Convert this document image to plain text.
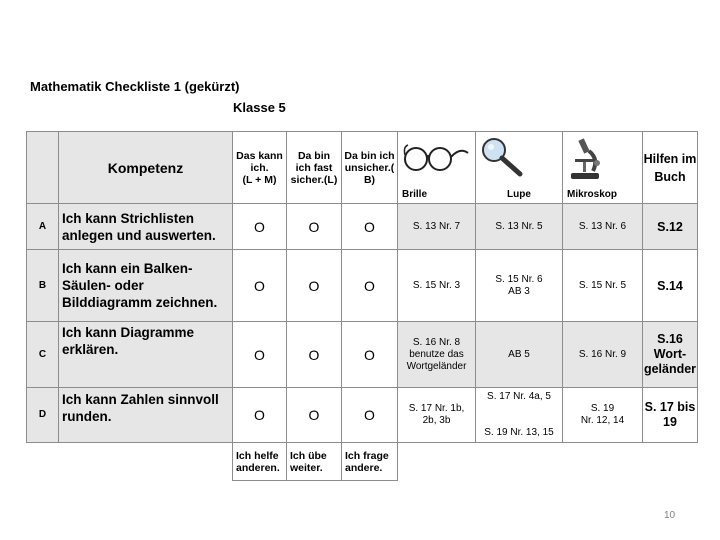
Mathematik Checkliste 1 (gekürzt)
Klasse 5
	Kompetenz	Das kann
ich.
(L + M)	Da bin
ich fast
sicher.(L)	Da bin ich
unsicher.(
B)	Brille	Lupe	Mikroskop	Hilfen im
Buch
A	Ich kann Strichlisten
anlegen und auswerten.	O	O	O	S. 13 Nr. 7	S. 13 Nr. 5	S. 13 Nr. 6	S.12
B	Ich kann ein Balken-
Säulen- oder
Bilddiagramm zeichnen.	O	O	O	S. 15 Nr. 3	S. 15 Nr. 6
AB 3	S. 15 Nr. 5	S.14
C	Ich kann Diagramme
erklären.	O	O	O	S. 16 Nr. 8
benutze das
Wortgeländer	AB 5	S. 16 Nr. 9	S.16
Wort-
geländer
D	Ich kann Zahlen sinnvoll
runden.	O	O	O	S. 17 Nr. 1b,
2b, 3b	S. 17 Nr. 4a, 5
S. 19 Nr. 13, 15	S. 19
Nr. 12, 14	S. 17 bis
19
		Ich helfe
anderen.	Ich übe
weiter.	Ich frage
andere.				
10
